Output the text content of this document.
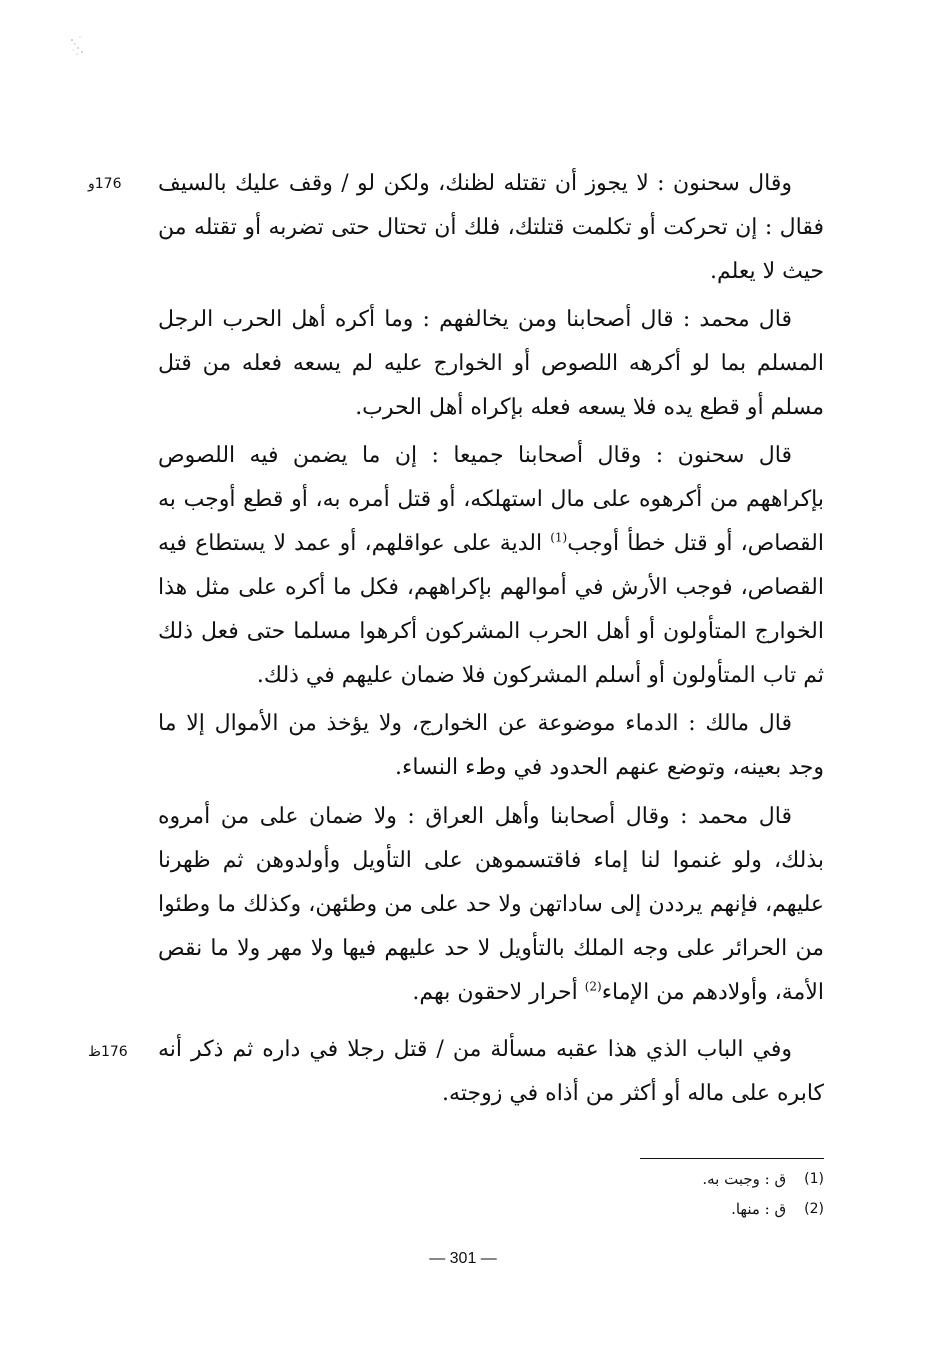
176و
176ظ

وقال سحنون : لا يجوز أن تقتله لظنك، ولكن لو / وقف عليك بالسيف فقال : إن تحركت أو تكلمت قتلتك، فلك أن تحتال حتى تضربه أو تقتله من حيث لا يعلم.

قال محمد : قال أصحابنا ومن يخالفهم : وما أكره أهل الحرب الرجل المسلم بما لو أكرهه اللصوص أو الخوارج عليه لم يسعه فعله من قتل مسلم أو قطع يده فلا يسعه فعله بإكراه أهل الحرب.

قال سحنون : وقال أصحابنا جميعا : إن ما يضمن فيه اللصوص بإكراههم من أكرهوه على مال استهلكه، أو قتل أمره به، أو قطع أوجب به القصاص، أو قتل خطأ أوجب$^{(1)}$ الدية على عواقلهم، أو عمد لا يستطاع فيه القصاص، فوجب الأرش في أموالهم بإكراههم، فكل ما أكره على مثل هذا الخوارج المتأولون أو أهل الحرب المشركون أكرهوا مسلما حتى فعل ذلك ثم تاب المتأولون أو أسلم المشركون فلا ضمان عليهم في ذلك.

قال مالك : الدماء موضوعة عن الخوارج، ولا يؤخذ من الأموال إلا ما وجد بعينه، وتوضع عنهم الحدود في وطء النساء.

قال محمد : وقال أصحابنا وأهل العراق : ولا ضمان على من أمروه بذلك، ولو غنموا لنا إماء فاقتسموهن على التأويل وأولدوهن ثم ظهرنا عليهم، فإنهم يرددن إلى ساداتهن ولا حد على من وطئهن، وكذلك ما وطئوا من الحرائر على وجه الملك بالتأويل لا حد عليهم فيها ولا مهر ولا ما نقص الأمة، وأولادهم من الإماء$^{(2)}$ أحرار لاحقون بهم.

وفي الباب الذي هذا عقبه مسألة من / قتل رجلا في داره ثم ذكر أنه كابره على ماله أو أكثر من أذاه في زوجته.

(1)
ق : وجبت به.
(2)
ق : منها.
— 301 —
